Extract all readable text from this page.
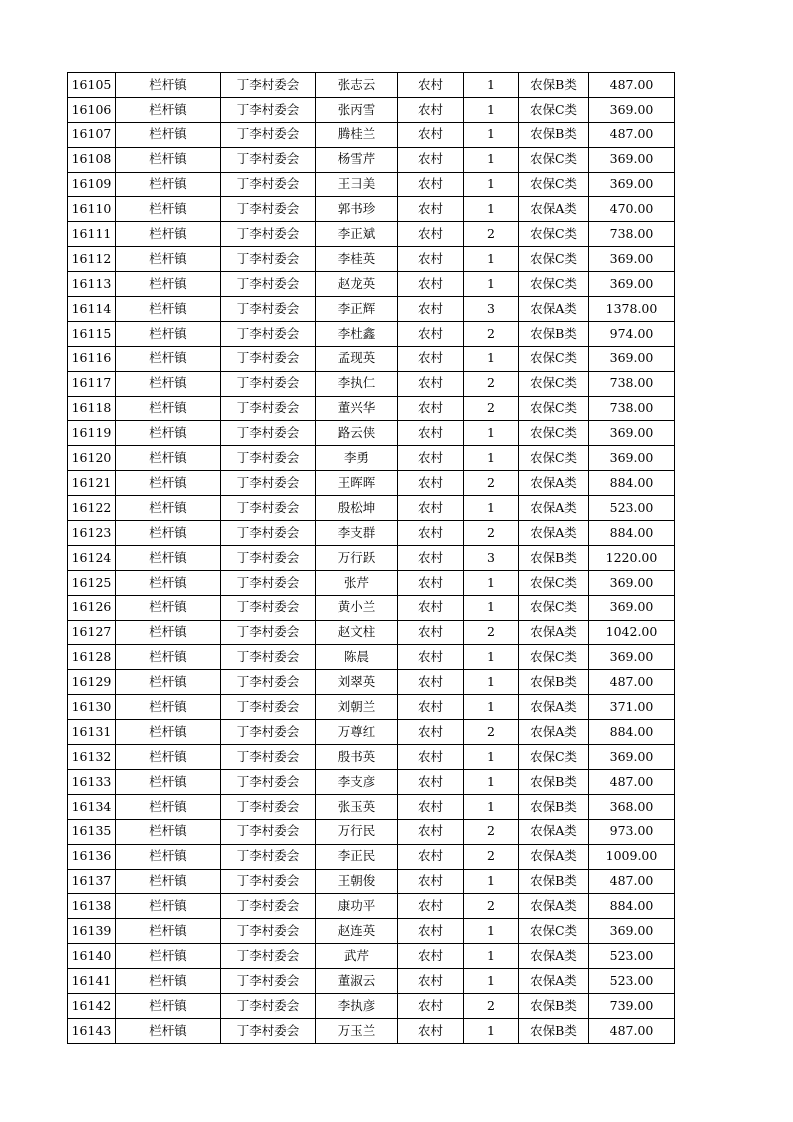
16105	栏杆镇	丁李村委会	张志云	农村	1	农保B类	487.00
16106	栏杆镇	丁李村委会	张丙雪	农村	1	农保C类	369.00
16107	栏杆镇	丁李村委会	腾桂兰	农村	1	农保B类	487.00
16108	栏杆镇	丁李村委会	杨雪芹	农村	1	农保C类	369.00
16109	栏杆镇	丁李村委会	王彐美	农村	1	农保C类	369.00
16110	栏杆镇	丁李村委会	郭书珍	农村	1	农保A类	470.00
16111	栏杆镇	丁李村委会	李正斌	农村	2	农保C类	738.00
16112	栏杆镇	丁李村委会	李桂英	农村	1	农保C类	369.00
16113	栏杆镇	丁李村委会	赵龙英	农村	1	农保C类	369.00
16114	栏杆镇	丁李村委会	李正辉	农村	3	农保A类	1378.00
16115	栏杆镇	丁李村委会	李杜鑫	农村	2	农保B类	974.00
16116	栏杆镇	丁李村委会	孟现英	农村	1	农保C类	369.00
16117	栏杆镇	丁李村委会	李执仁	农村	2	农保C类	738.00
16118	栏杆镇	丁李村委会	董兴华	农村	2	农保C类	738.00
16119	栏杆镇	丁李村委会	路云侠	农村	1	农保C类	369.00
16120	栏杆镇	丁李村委会	李勇	农村	1	农保C类	369.00
16121	栏杆镇	丁李村委会	王晖晖	农村	2	农保A类	884.00
16122	栏杆镇	丁李村委会	殷松坤	农村	1	农保A类	523.00
16123	栏杆镇	丁李村委会	李支群	农村	2	农保A类	884.00
16124	栏杆镇	丁李村委会	万行跃	农村	3	农保B类	1220.00
16125	栏杆镇	丁李村委会	张芹	农村	1	农保C类	369.00
16126	栏杆镇	丁李村委会	黄小兰	农村	1	农保C类	369.00
16127	栏杆镇	丁李村委会	赵文柱	农村	2	农保A类	1042.00
16128	栏杆镇	丁李村委会	陈晨	农村	1	农保C类	369.00
16129	栏杆镇	丁李村委会	刘翠英	农村	1	农保B类	487.00
16130	栏杆镇	丁李村委会	刘朝兰	农村	1	农保A类	371.00
16131	栏杆镇	丁李村委会	万尊红	农村	2	农保A类	884.00
16132	栏杆镇	丁李村委会	殷书英	农村	1	农保C类	369.00
16133	栏杆镇	丁李村委会	李支彦	农村	1	农保B类	487.00
16134	栏杆镇	丁李村委会	张玉英	农村	1	农保B类	368.00
16135	栏杆镇	丁李村委会	万行民	农村	2	农保A类	973.00
16136	栏杆镇	丁李村委会	李正民	农村	2	农保A类	1009.00
16137	栏杆镇	丁李村委会	王朝俊	农村	1	农保B类	487.00
16138	栏杆镇	丁李村委会	康功平	农村	2	农保A类	884.00
16139	栏杆镇	丁李村委会	赵连英	农村	1	农保C类	369.00
16140	栏杆镇	丁李村委会	武芹	农村	1	农保A类	523.00
16141	栏杆镇	丁李村委会	董淑云	农村	1	农保A类	523.00
16142	栏杆镇	丁李村委会	李执彦	农村	2	农保B类	739.00
16143	栏杆镇	丁李村委会	万玉兰	农村	1	农保B类	487.00
